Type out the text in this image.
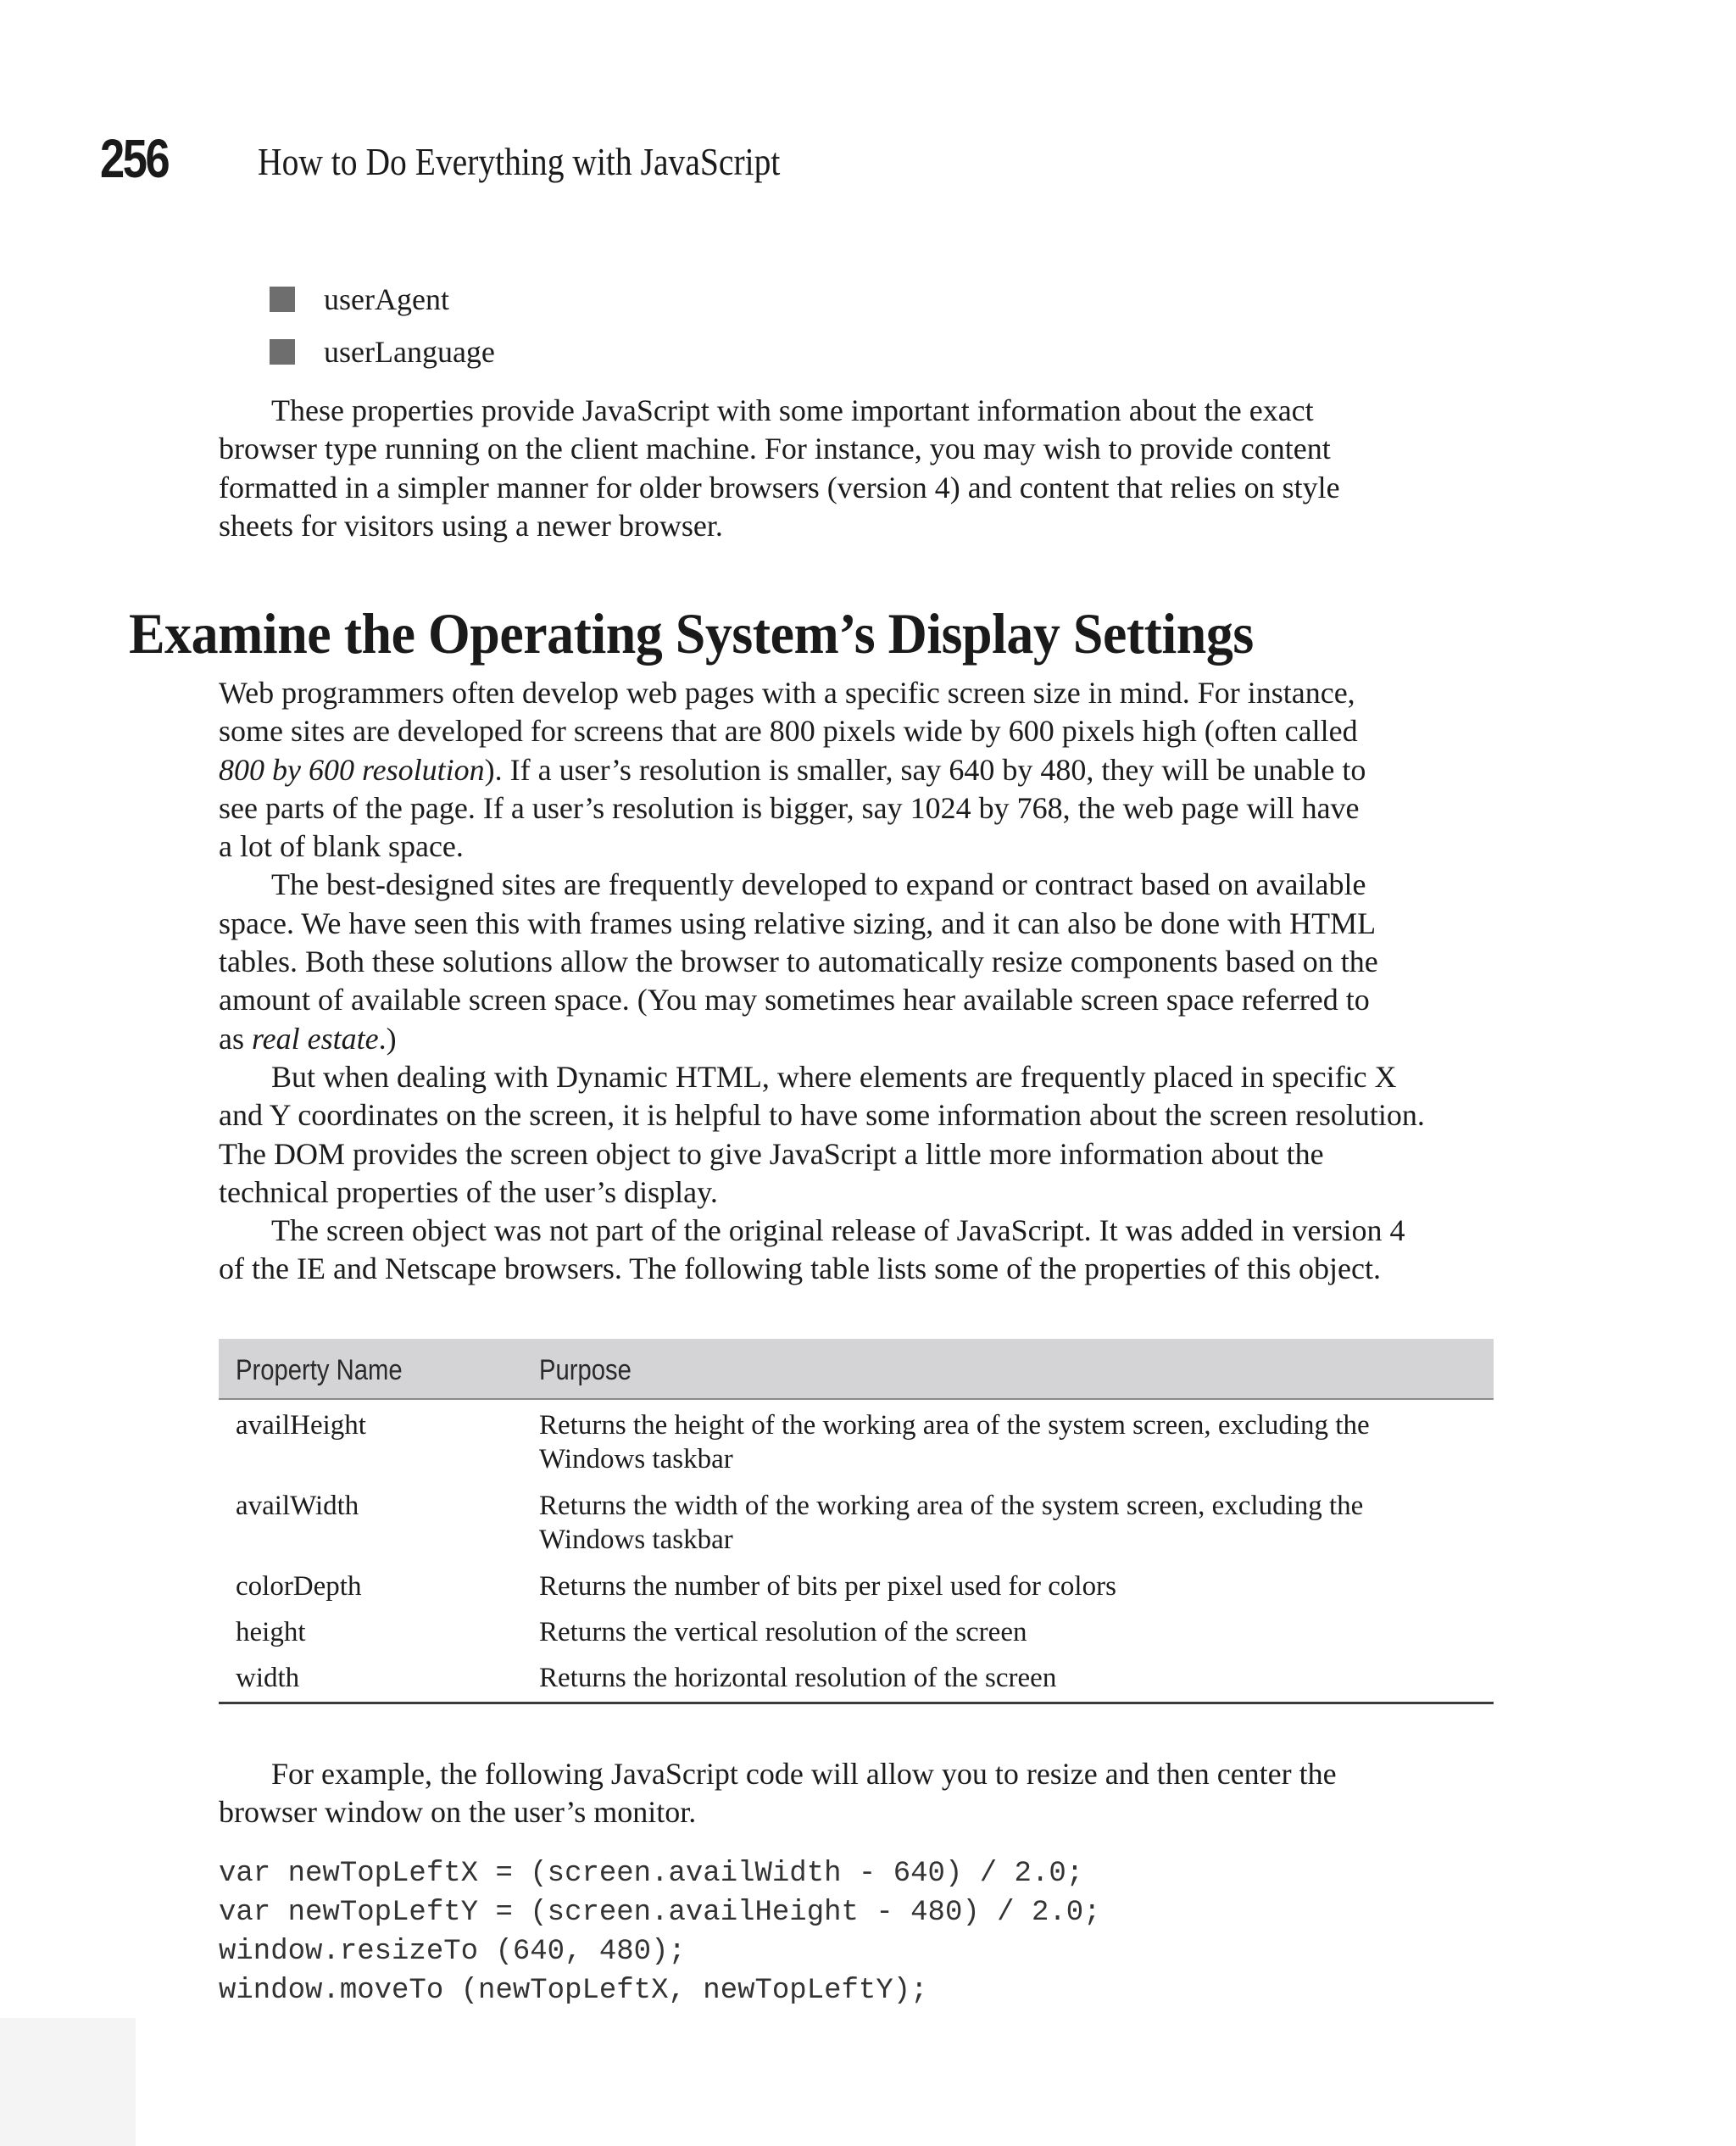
256 How to Do Everything with JavaScript
userAgent
userLanguage

These properties provide JavaScript with some important information about the exact

browser type running on the client machine. For instance, you may wish to provide content

formatted in a simpler manner for older browsers (version 4) and content that relies on style

sheets for visitors using a newer browser.

Examine the Operating System’s Display Settings

Web programmers often develop web pages with a specific screen size in mind. For instance,

some sites are developed for screens that are 800 pixels wide by 600 pixels high (often called

800 by 600 resolution). If a user’s resolution is smaller, say 640 by 480, they will be unable to

see parts of the page. If a user’s resolution is bigger, say 1024 by 768, the web page will have

a lot of blank space.

The best-designed sites are frequently developed to expand or contract based on available

space. We have seen this with frames using relative sizing, and it can also be done with HTML

tables. Both these solutions allow the browser to automatically resize components based on the

amount of available screen space. (You may sometimes hear available screen space referred to

as real estate.)

But when dealing with Dynamic HTML, where elements are frequently placed in specific X

and Y coordinates on the screen, it is helpful to have some information about the screen resolution.

The DOM provides the screen object to give JavaScript a little more information about the

technical properties of the user’s display.

The screen object was not part of the original release of JavaScript. It was added in version 4

of the IE and Netscape browsers. The following table lists some of the properties of this object.

Property Name	Purpose
availHeight	Returns the height of the working area of the system screen, excluding the
Windows taskbar
availWidth	Returns the width of the working area of the system screen, excluding the
Windows taskbar
colorDepth	Returns the number of bits per pixel used for colors
height	Returns the vertical resolution of the screen
width	Returns the horizontal resolution of the screen

For example, the following JavaScript code will allow you to resize and then center the

browser window on the user’s monitor.

var newTopLeftX = (screen.availWidth - 640) / 2.0;
var newTopLeftY = (screen.availHeight - 480) / 2.0;
window.resizeTo (640, 480);
window.moveTo (newTopLeftX, newTopLeftY);
